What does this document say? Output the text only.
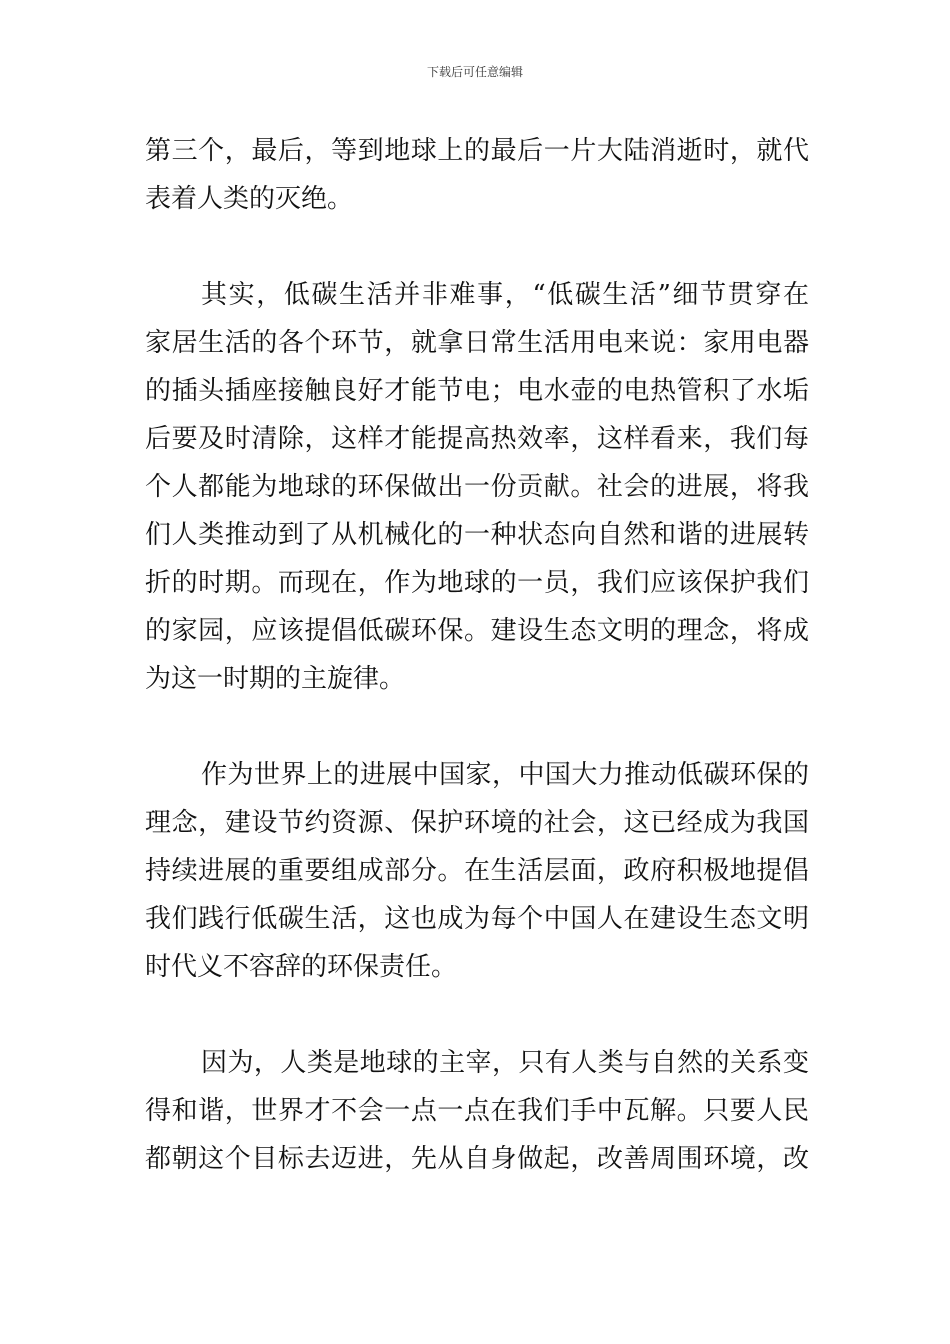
下载后可任意编辑
第三个，最后，等到地球上的最后一片大陆消逝时，就代
表着人类的灭绝。
其实，低碳生活并非难事，“低碳生活”细节贯穿在
家居生活的各个环节，就拿日常生活用电来说：家用电器
的插头插座接触良好才能节电；电水壶的电热管积了水垢
后要及时清除，这样才能提高热效率，这样看来，我们每
个人都能为地球的环保做出一份贡献。社会的进展，将我
们人类推动到了从机械化的一种状态向自然和谐的进展转
折的时期。而现在，作为地球的一员，我们应该保护我们
的家园，应该提倡低碳环保。建设生态文明的理念，将成
为这一时期的主旋律。
作为世界上的进展中国家，中国大力推动低碳环保的
理念，建设节约资源、保护环境的社会，这已经成为我国
持续进展的重要组成部分。在生活层面，政府积极地提倡
我们践行低碳生活，这也成为每个中国人在建设生态文明
时代义不容辞的环保责任。
因为，人类是地球的主宰，只有人类与自然的关系变
得和谐，世界才不会一点一点在我们手中瓦解。只要人民
都朝这个目标去迈进，先从自身做起，改善周围环境，改
